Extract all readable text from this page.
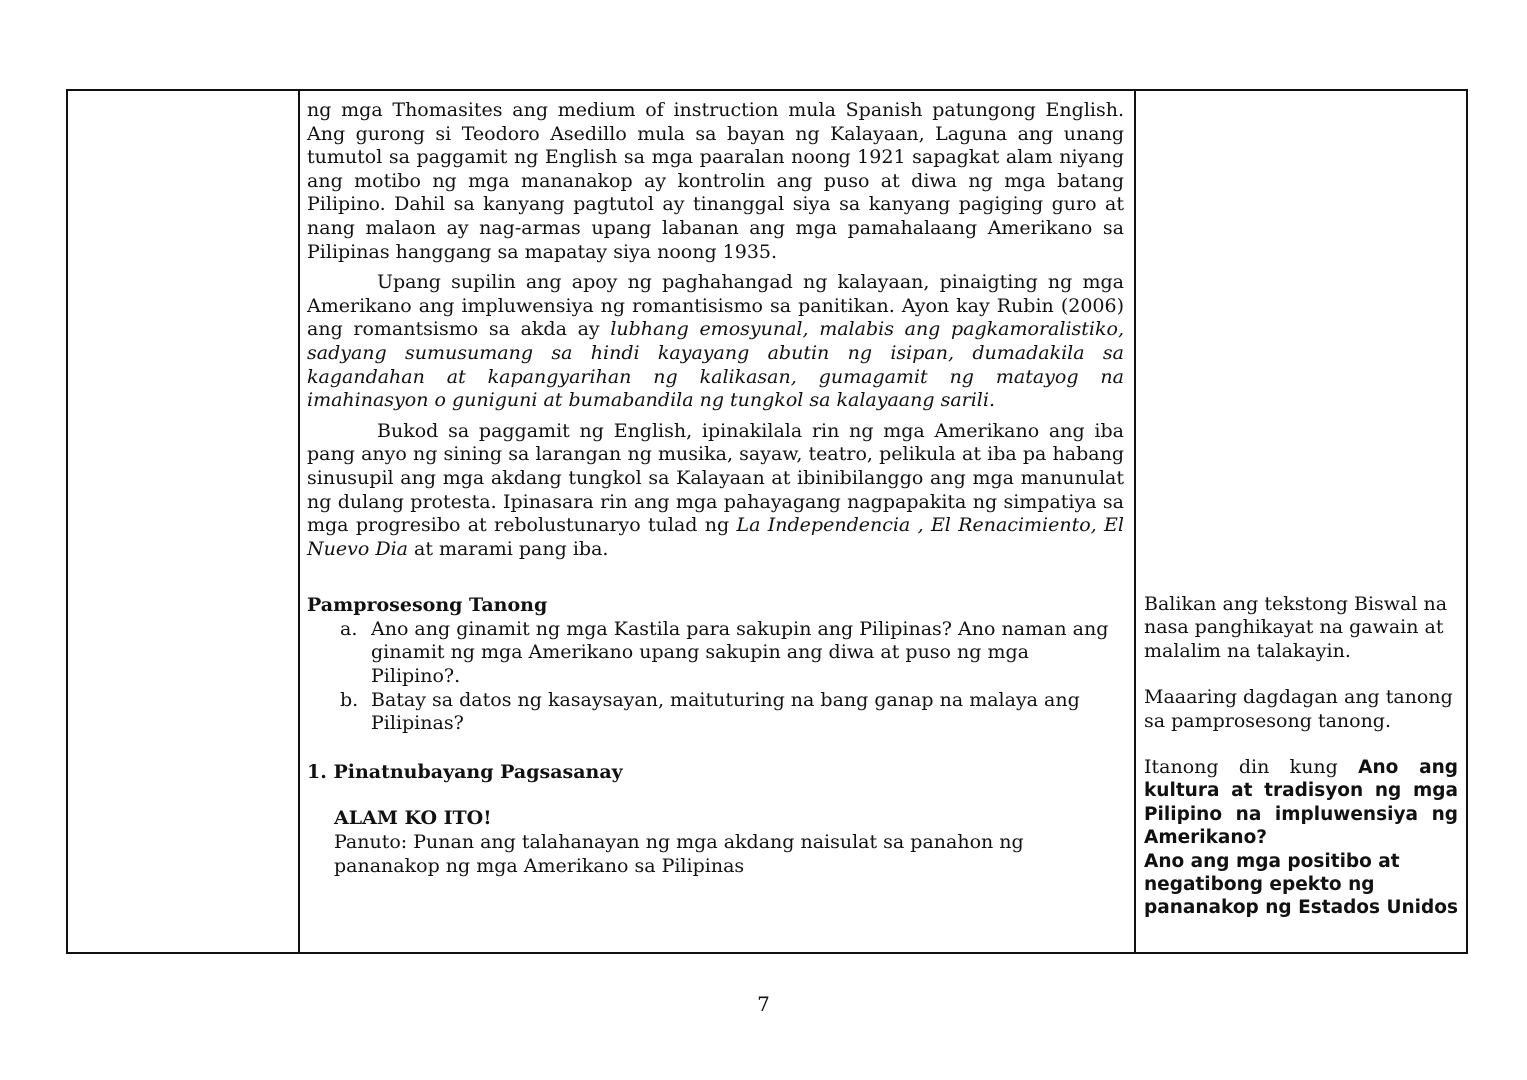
ng mga Thomasites ang medium of instruction mula Spanish patungong English. Ang gurong si Teodoro Asedillo mula sa bayan ng Kalayaan, Laguna ang unang tumutol sa paggamit ng English sa mga paaralan noong 1921 sapagkat alam niyang ang motibo ng mga mananakop ay kontrolin ang puso at diwa ng mga batang Pilipino. Dahil sa kanyang pagtutol ay tinanggal siya sa kanyang pagiging guro at nang malaon ay nag-armas upang labanan ang mga pamahalaang Amerikano sa Pilipinas hanggang sa mapatay siya noong 1935.

Upang supilin ang apoy ng paghahangad ng kalayaan, pinaigting ng mga Amerikano ang impluwensiya ng romantisismo sa panitikan. Ayon kay Rubin (2006) ang romantsismo sa akda ay lubhang emosyunal, malabis ang pagkamoralistiko, sadyang sumusumang sa hindi kayayang abutin ng isipan, dumadakila sa kagandahan at kapangyarihan ng kalikasan, gumagamit ng matayog na imahinasyon o guniguni at bumabandila ng tungkol sa kalayaang sarili.

Bukod sa paggamit ng English, ipinakilala rin ng mga Amerikano ang iba pang anyo ng sining sa larangan ng musika, sayaw, teatro, pelikula at iba pa habang sinusupil ang mga akdang tungkol sa Kalayaan at ibinibilanggo ang mga manunulat ng dulang protesta. Ipinasara rin ang mga pahayagang nagpapakita ng simpatiya sa mga progresibo at rebolustunaryo tulad ng La Independencia , El Renacimiento, El Nuevo Dia at marami pang iba.

Pamprosesong Tanong

a. Ano ang ginamit ng mga Kastila para sakupin ang Pilipinas? Ano naman ang ginamit ng mga Amerikano upang sakupin ang diwa at puso ng mga Pilipino?.
b. Batay sa datos ng kasaysayan, maituturing na bang ganap na malaya ang Pilipinas?

1. Pinatnubayang Pagsasanay

ALAM KO ITO!

Panuto: Punan ang talahanayan ng mga akdang naisulat sa panahon ng pananakop ng mga Amerikano sa Pilipinas

Balikan ang tekstong Biswal na nasa panghikayat na gawain at malalim na talakayin.

Maaaring dagdagan ang tanong sa pamprosesong tanong.

Itanong din kung Ano ang kultura at tradisyon ng mga Pilipino na impluwensiya ng Amerikano?

Ano ang mga positibo at negatibong epekto ng pananakop ng Estados Unidos

7
